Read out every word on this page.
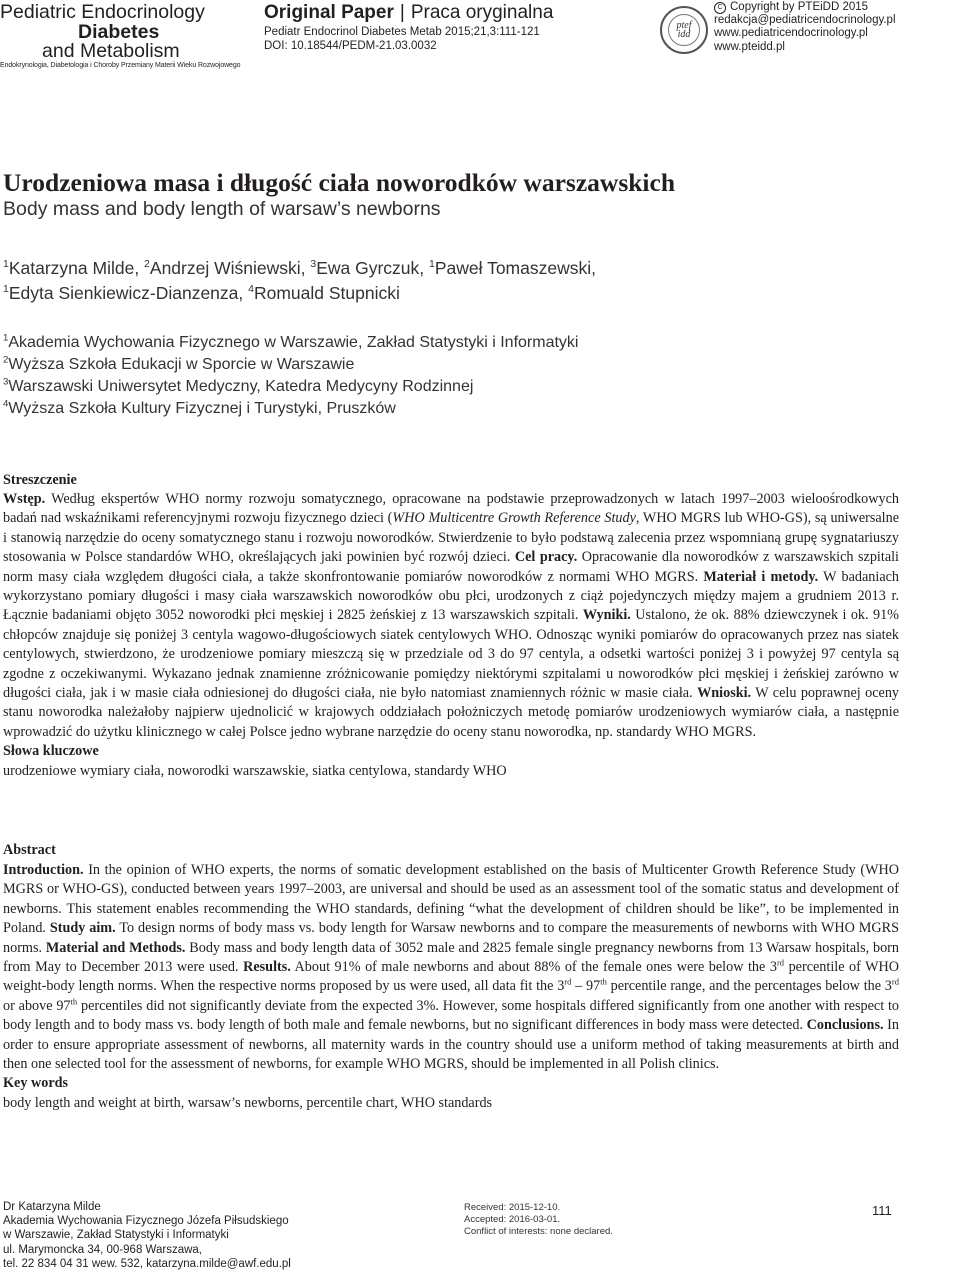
Pediatric Endocrinology
Diabetes
and Metabolism
Endokrynologia, Diabetologia i Choroby Przemiany Materii Wieku Rozwojowego
Original Paper | Praca oryginalna
Pediatr Endocrinol Diabetes Metab 2015;21,3:111-121
DOI: 10.18544/PEDM-21.03.0032
ptef idd
C Copyright by PTEiDD 2015
redakcja@pediatricendocrinology.pl
www.pediatricendocrinology.pl
www.pteidd.pl
Urodzeniowa masa i długość ciała noworodków warszawskich
Body mass and body length of warsaw’s newborns
$^1$Katarzyna Milde, $^2$Andrzej Wiśniewski, $^3$Ewa Gyrczuk, $^1$Paweł Tomaszewski,
$^1$Edyta Sienkiewicz-Dianzenza, $^4$Romuald Stupnicki
$^1$Akademia Wychowania Fizycznego w Warszawie, Zakład Statystyki i Informatyki
$^2$Wyższa Szkoła Edukacji w Sporcie w Warszawie
$^3$Warszawski Uniwersytet Medyczny, Katedra Medycyny Rodzinnej
$^4$Wyższa Szkoła Kultury Fizycznej i Turystyki, Pruszków
Streszczenie
Wstęp. Według ekspertów WHO normy rozwoju somatycznego, opracowane na podstawie przeprowadzonych w latach 1997–2003 wieloośrodkowych badań nad wskaźnikami referencyjnymi rozwoju fizycznego dzieci (WHO Multicentre Growth Reference Study, WHO MGRS lub WHO-GS), są uniwersalne i stanowią narzędzie do oceny somatycznego stanu i rozwoju noworodków. Stwierdzenie to było podstawą zalecenia przez wspomnianą grupę sygnatariuszy stosowania w Polsce standardów WHO, określających jaki powinien być rozwój dzieci. Cel pracy. Opracowanie dla noworodków z warszawskich szpitali norm masy ciała względem długości ciała, a także skonfrontowanie pomiarów noworodków z normami WHO MGRS. Materiał i metody. W badaniach wykorzystano pomiary długości i masy ciała warszawskich noworodków obu płci, urodzonych z ciąż pojedynczych między majem a grudniem 2013 r. Łącznie badaniami objęto 3052 noworodki płci męskiej i 2825 żeńskiej z 13 warszawskich szpitali. Wyniki. Ustalono, że ok. 88% dziewczynek i ok. 91% chłopców znajduje się poniżej 3 centyla wagowo-długościowych siatek centylowych WHO. Odnosząc wyniki pomiarów do opracowanych przez nas siatek centylowych, stwierdzono, że urodzeniowe pomiary mieszczą się w przedziale od 3 do 97 centyla, a odsetki wartości poniżej 3 i powyżej 97 centyla są zgodne z oczekiwanymi. Wykazano jednak znamienne zróżnicowanie pomiędzy niektórymi szpitalami u noworodków płci męskiej i żeńskiej zarówno w długości ciała, jak i w masie ciała odniesionej do długości ciała, nie było natomiast znamiennych różnic w masie ciała. Wnioski. W celu poprawnej oceny stanu noworodka należałoby najpierw ujednolicić w krajowych oddziałach położniczych metodę pomiarów urodzeniowych wymiarów ciała, a następnie wprowadzić do użytku klinicznego w całej Polsce jedno wybrane narzędzie do oceny stanu noworodka, np. standardy WHO MGRS.
Słowa kluczowe
urodzeniowe wymiary ciała, noworodki warszawskie, siatka centylowa, standardy WHO
Abstract
Introduction. In the opinion of WHO experts, the norms of somatic development established on the basis of Multicenter Growth Reference Study (WHO MGRS or WHO-GS), conducted between years 1997–2003, are universal and should be used as an assessment tool of the somatic status and development of newborns. This statement enables recommending the WHO standards, defining “what the development of children should be like”, to be implemented in Poland. Study aim. To design norms of body mass vs. body length for Warsaw newborns and to compare the measurements of newborns with WHO MGRS norms. Material and Methods. Body mass and body length data of 3052 male and 2825 female single pregnancy newborns from 13 Warsaw hospitals, born from May to December 2013 were used. Results. About 91% of male newborns and about 88% of the female ones were below the 3rd percentile of WHO weight-body length norms. When the respective norms proposed by us were used, all data fit the 3rd – 97th percentile range, and the percentages below the 3rd or above 97th percentiles did not significantly deviate from the expected 3%. However, some hospitals differed significantly from one another with respect to body length and to body mass vs. body length of both male and female newborns, but no significant differences in body mass were detected. Conclusions. In order to ensure appropriate assessment of newborns, all maternity wards in the country should use a uniform method of taking measurements at birth and then one selected tool for the assessment of newborns, for example WHO MGRS, should be implemented in all Polish clinics.
Key words
body length and weight at birth, warsaw’s newborns, percentile chart, WHO standards
Dr Katarzyna Milde
Akademia Wychowania Fizycznego Józefa Piłsudskiego
w Warszawie, Zakład Statystyki i Informatyki
ul. Marymoncka 34, 00-968 Warszawa,
tel. 22 834 04 31 wew. 532, katarzyna.milde@awf.edu.pl
Received: 2015-12-10.
Accepted: 2016-03-01.
Conflict of interests: none declared.
111
